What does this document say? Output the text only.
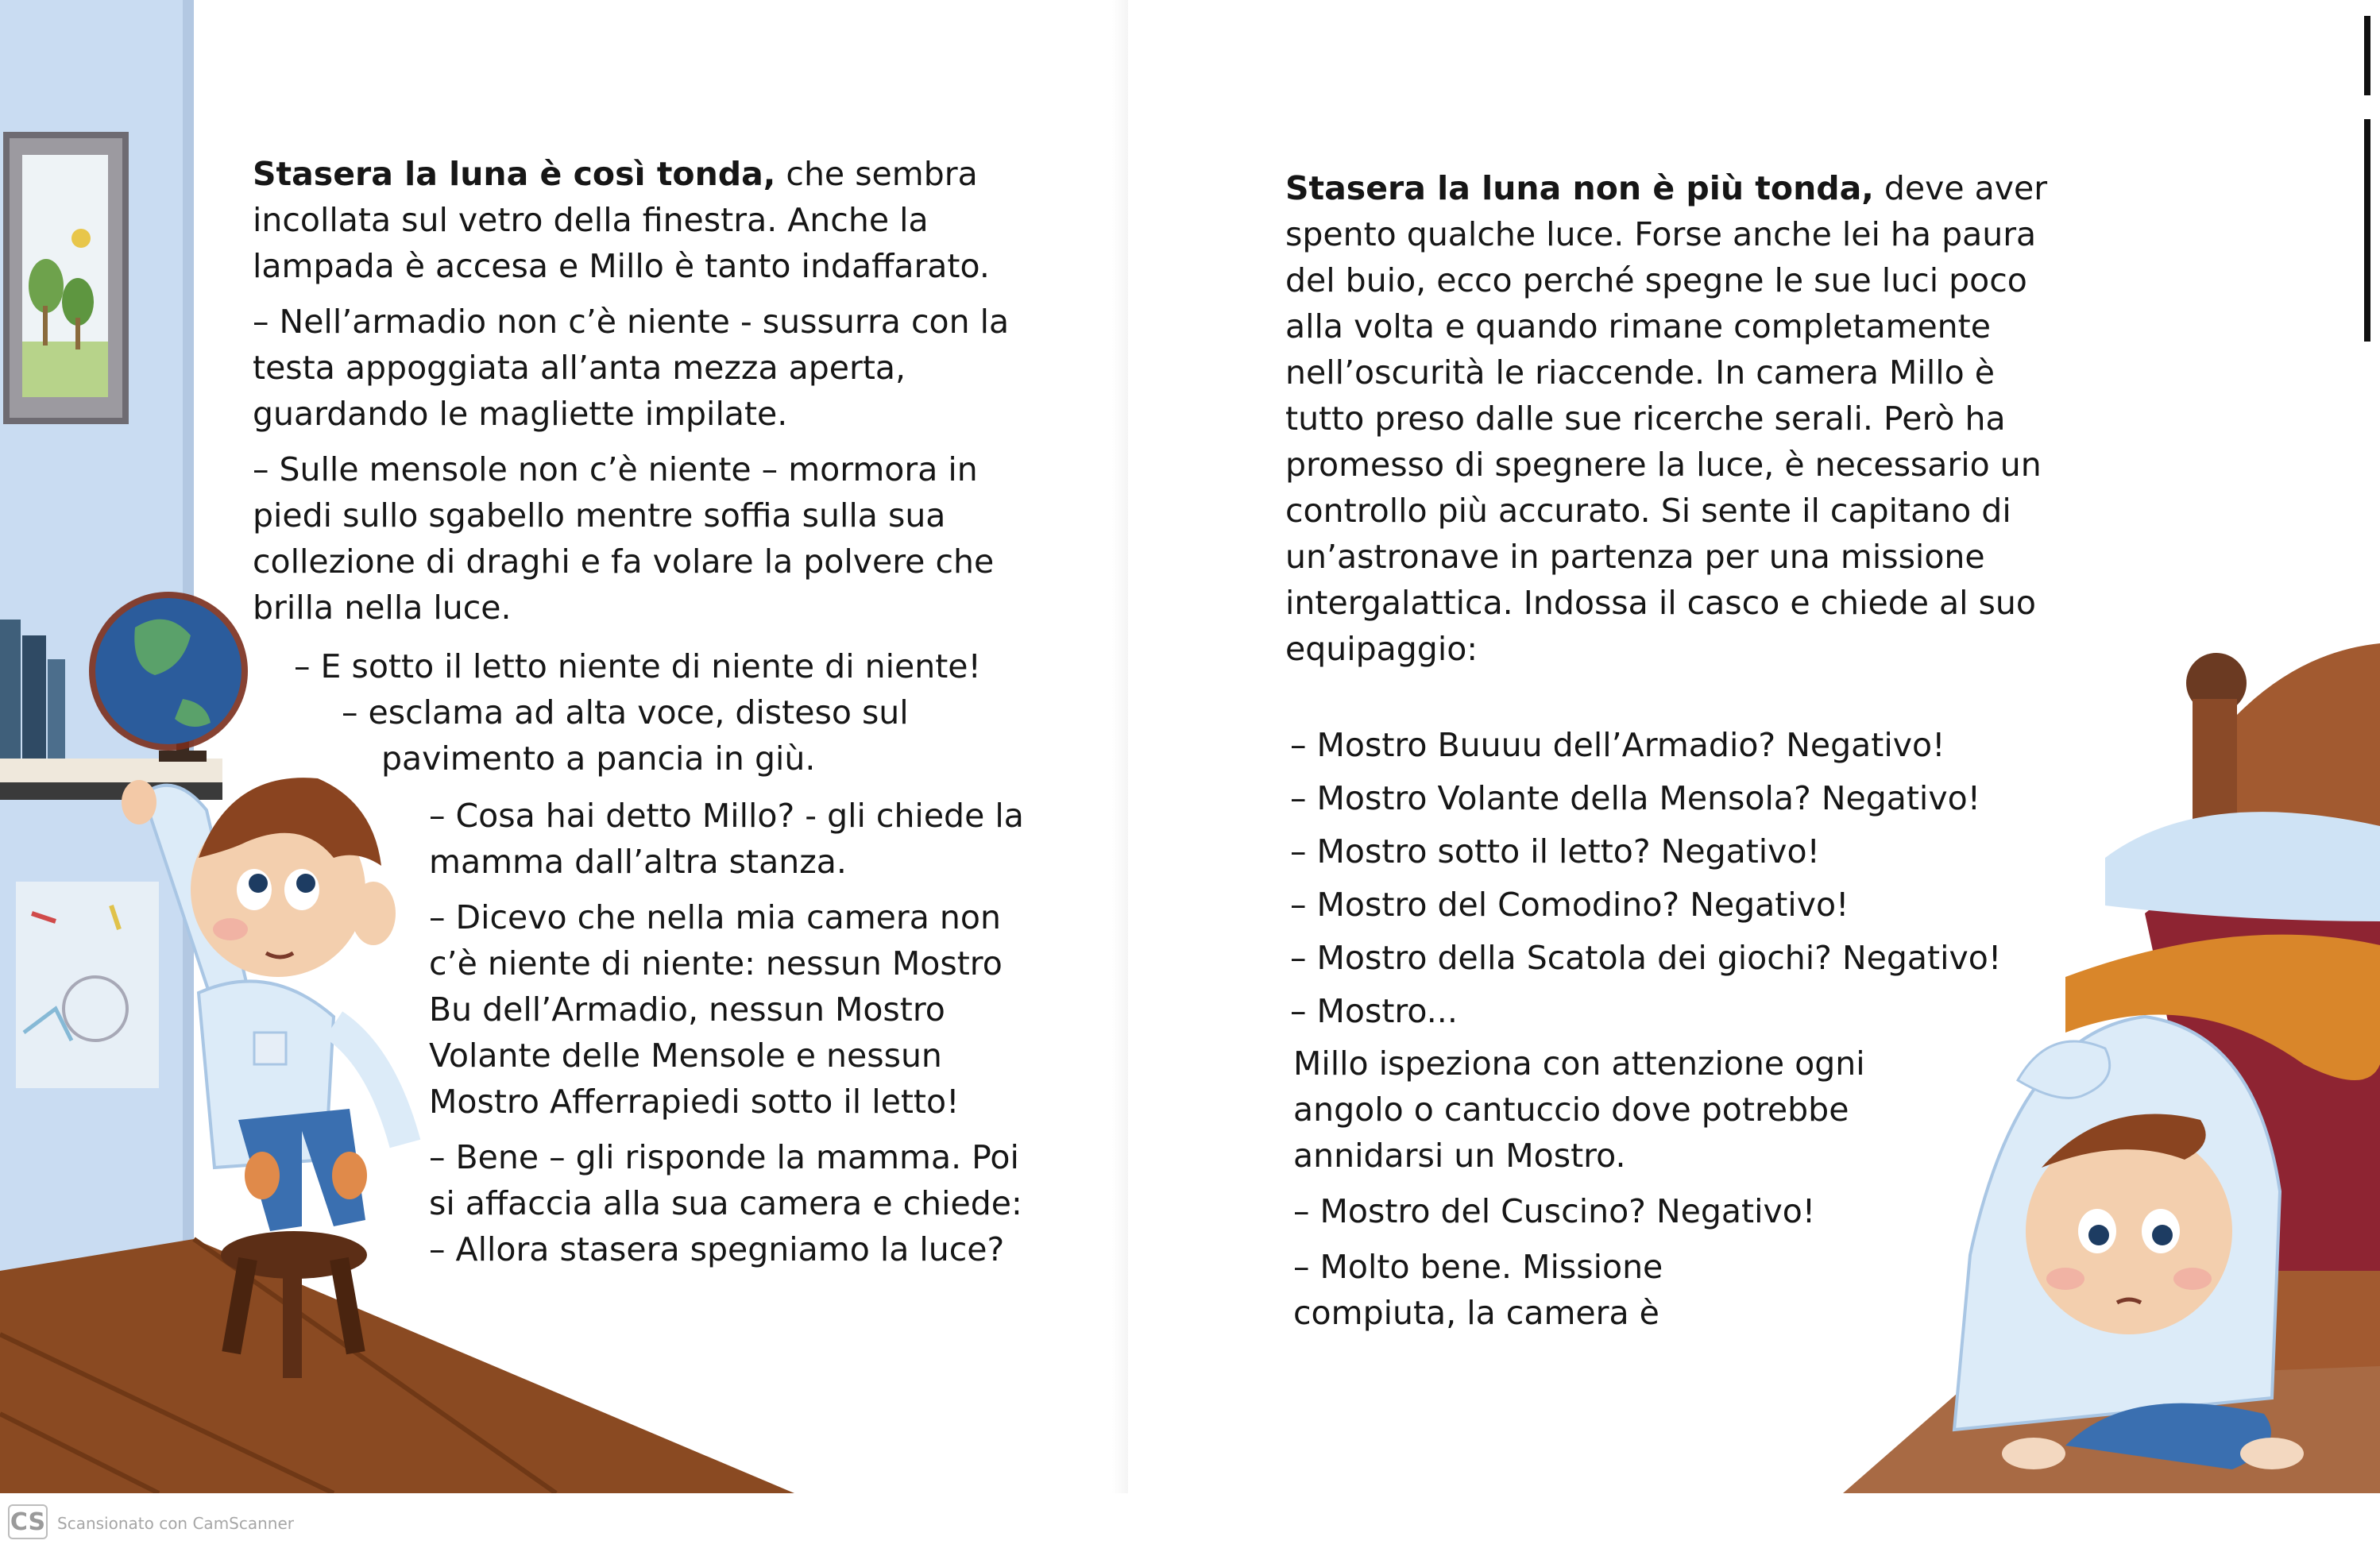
Stasera la luna è così tonda, che sembra incollata sul vetro della finestra. Anche la lampada è accesa e Millo è tanto indaffarato.

– Nell’armadio non c’è niente - sussurra con la testa appoggiata all’anta mezza aperta, guardando le magliette impilate.

– Sulle mensole non c’è niente – mormora in piedi sullo sgabello mentre soffia sulla sua collezione di draghi e fa volare la polvere che brilla nella luce.

– E sotto il letto niente di niente di niente!
– esclama ad alta voce, disteso sul
pavimento a pancia in giù.

– Cosa hai detto Millo? - gli chiede la mamma dall’altra stanza.

– Dicevo che nella mia camera non c’è niente di niente: nessun Mostro Bu dell’Armadio, nessun Mostro Volante delle Mensole e nessun Mostro Afferrapiedi sotto il letto!

– Bene – gli risponde la mamma. Poi si affaccia alla sua camera e chiede: – Allora stasera spegniamo la luce?

Stasera la luna non è più tonda, deve aver spento qualche luce. Forse anche lei ha paura del buio, ecco perché spegne le sue luci poco alla volta e quando rimane completamente nell’oscurità le riaccende. In camera Millo è tutto preso dalle sue ricerche serali. Però ha promesso di spegnere la luce, è necessario un controllo più accurato. Si sente il capitano di un’astronave in partenza per una missione intergalattica. Indossa il casco e chiede al suo equipaggio:

– Mostro Buuuu dell’Armadio? Negativo!
– Mostro Volante della Mensola? Negativo!
– Mostro sotto il letto? Negativo!
– Mostro del Comodino? Negativo!
– Mostro della Scatola dei giochi? Negativo!
– Mostro...

Millo ispeziona con attenzione ogni angolo o cantuccio dove potrebbe annidarsi un Mostro.

– Mostro del Cuscino? Negativo!

– Molto bene. Missione compiuta, la camera è

CS Scansionato con CamScanner
